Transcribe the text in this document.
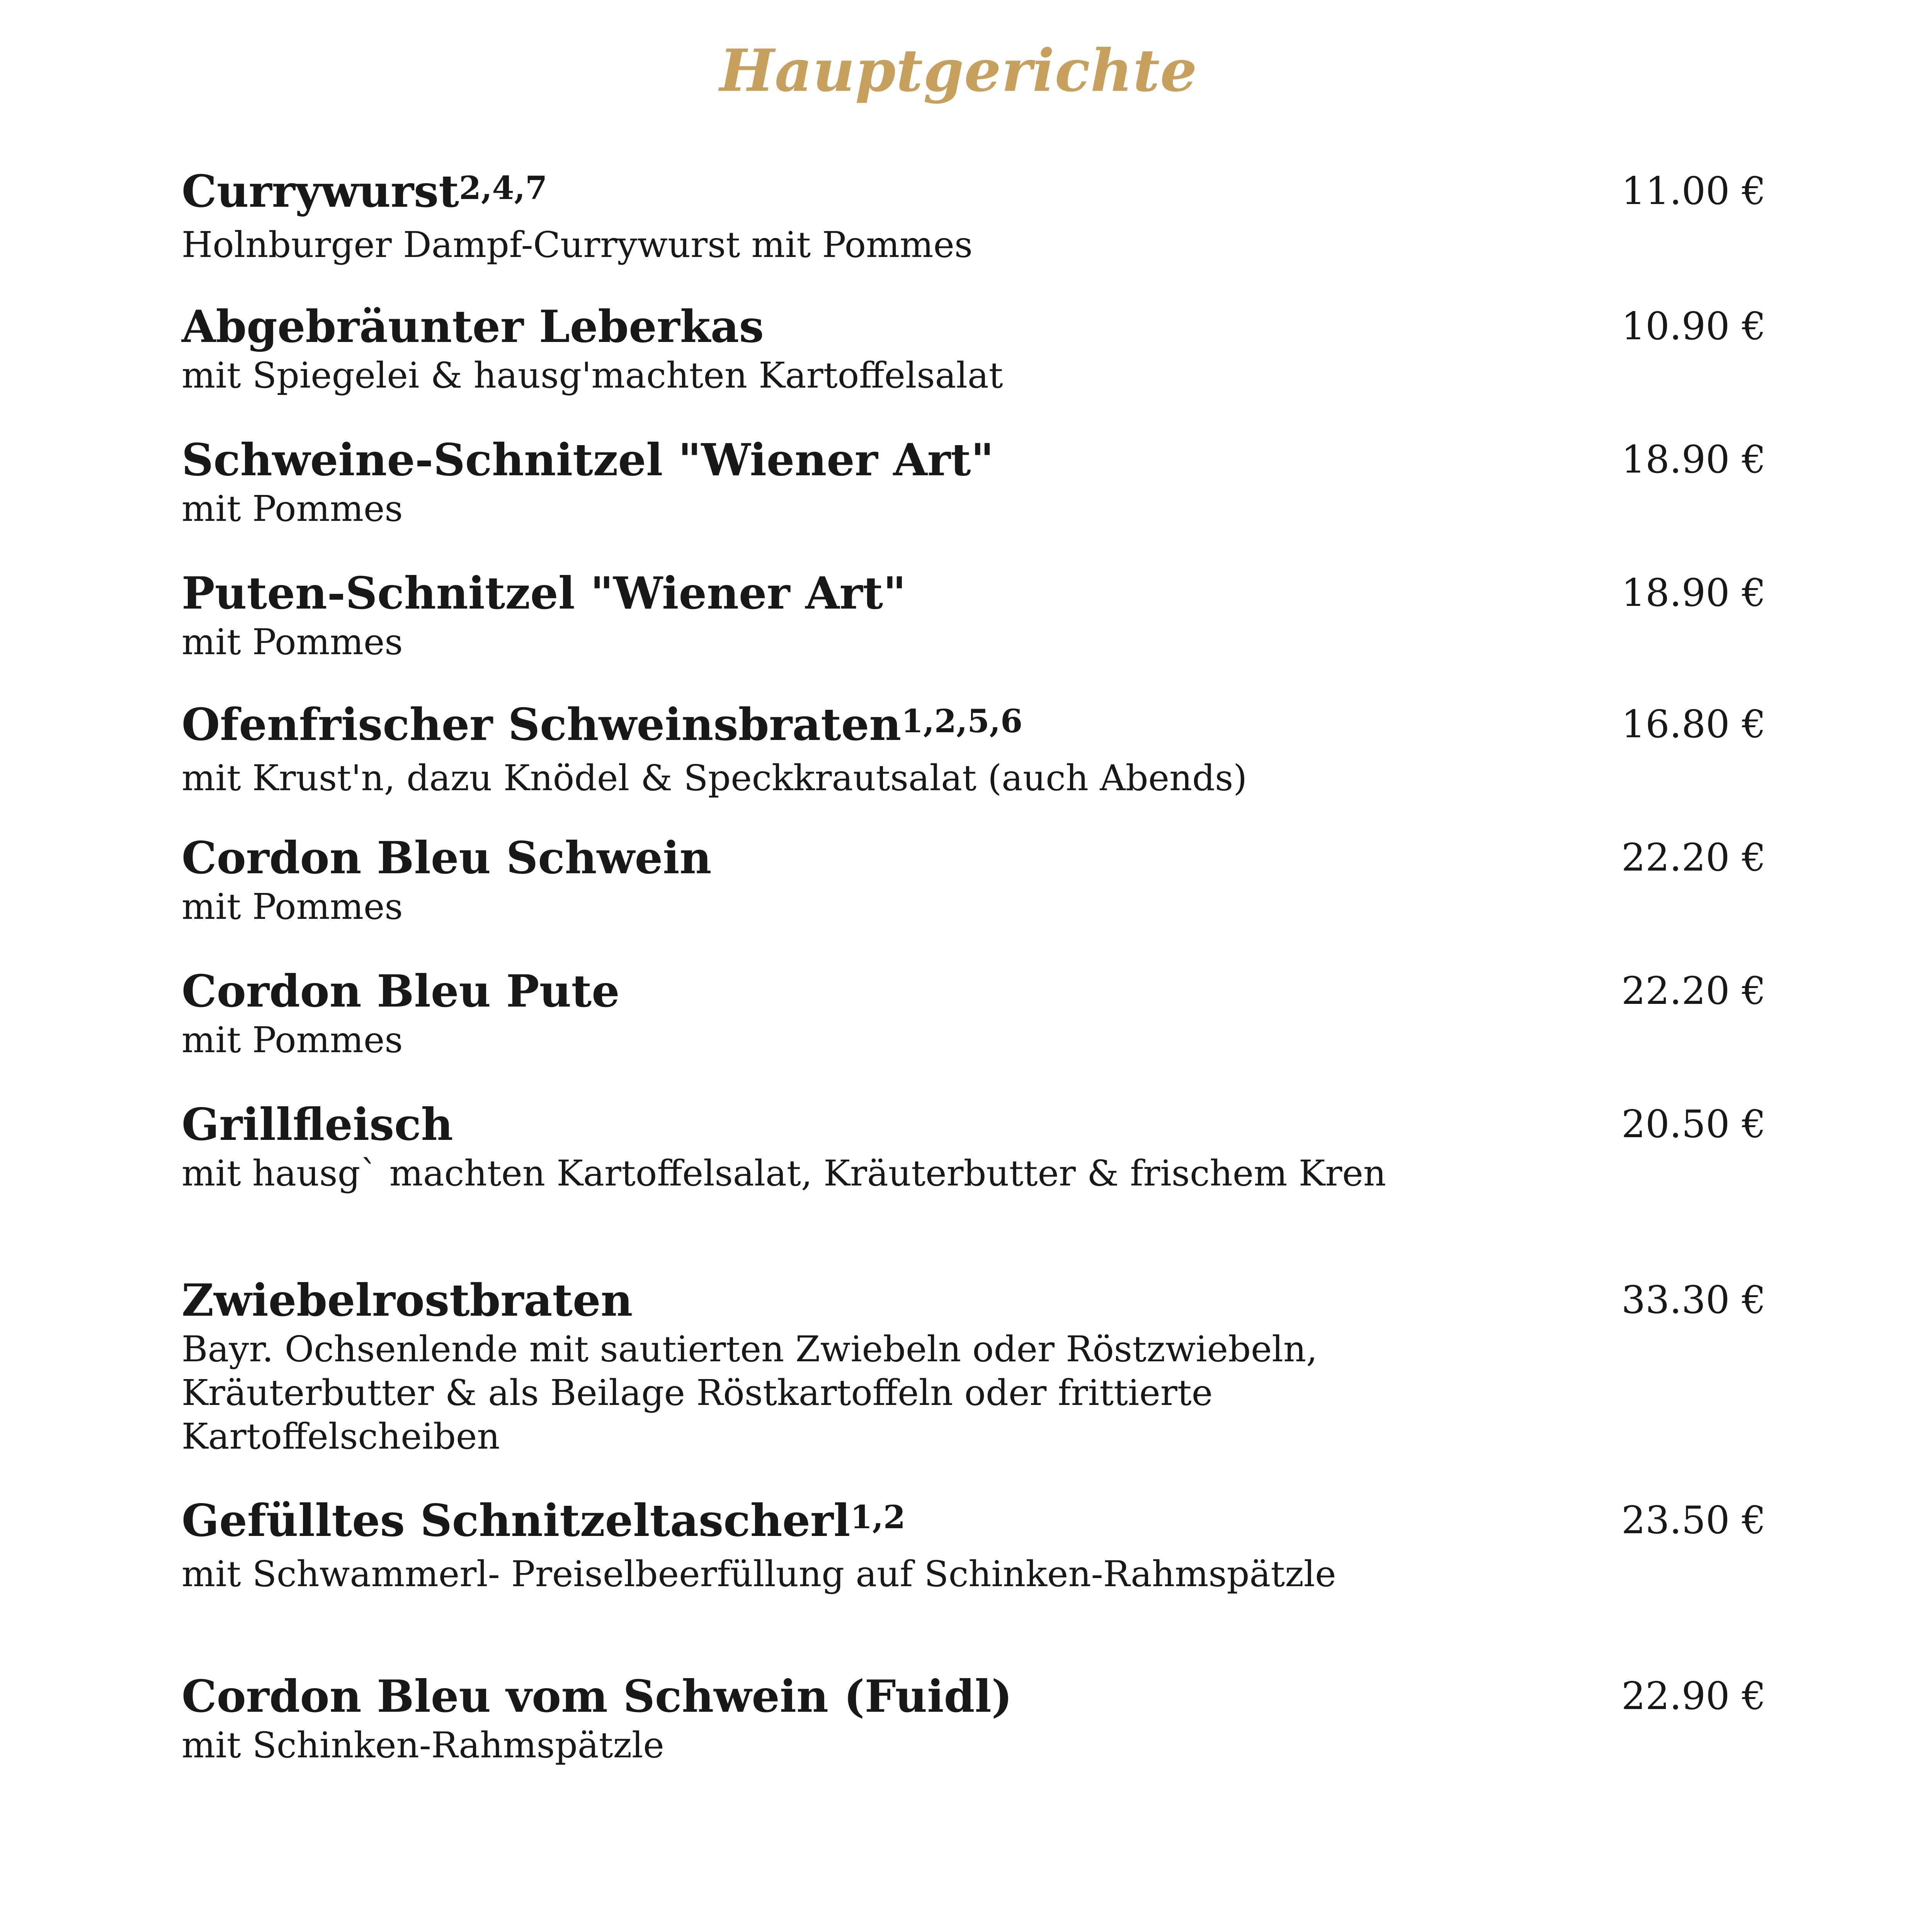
Hauptgerichte
Currywurst$^{2,4,7}$
Holnburger Dampf-Currywurst mit Pommes
11.00 €
Abgebräunter Leberkas
mit Spiegelei & hausg'machten Kartoffelsalat
10.90 €
Schweine-Schnitzel "Wiener Art"
mit Pommes
18.90 €
Puten-Schnitzel "Wiener Art"
mit Pommes
18.90 €
Ofenfrischer Schweinsbraten$^{1,2,5,6}$
mit Krust'n, dazu Knödel & Speckkrautsalat (auch Abends)
16.80 €
Cordon Bleu Schwein
mit Pommes
22.20 €
Cordon Bleu Pute
mit Pommes
22.20 €
Grillfleisch
mit hausg` machten Kartoffelsalat, Kräuterbutter & frischem Kren
20.50 €
Zwiebelrostbraten
Bayr. Ochsenlende mit sautierten Zwiebeln oder Röstzwiebeln, Kräuterbutter & als Beilage Röstkartoffeln oder frittierte Kartoffelscheiben
33.30 €
Gefülltes Schnitzeltascherl$^{1,2}$
mit Schwammerl- Preiselbeerfüllung auf Schinken-Rahmspätzle
23.50 €
Cordon Bleu vom Schwein (Fuidl)
mit Schinken-Rahmspätzle
22.90 €
